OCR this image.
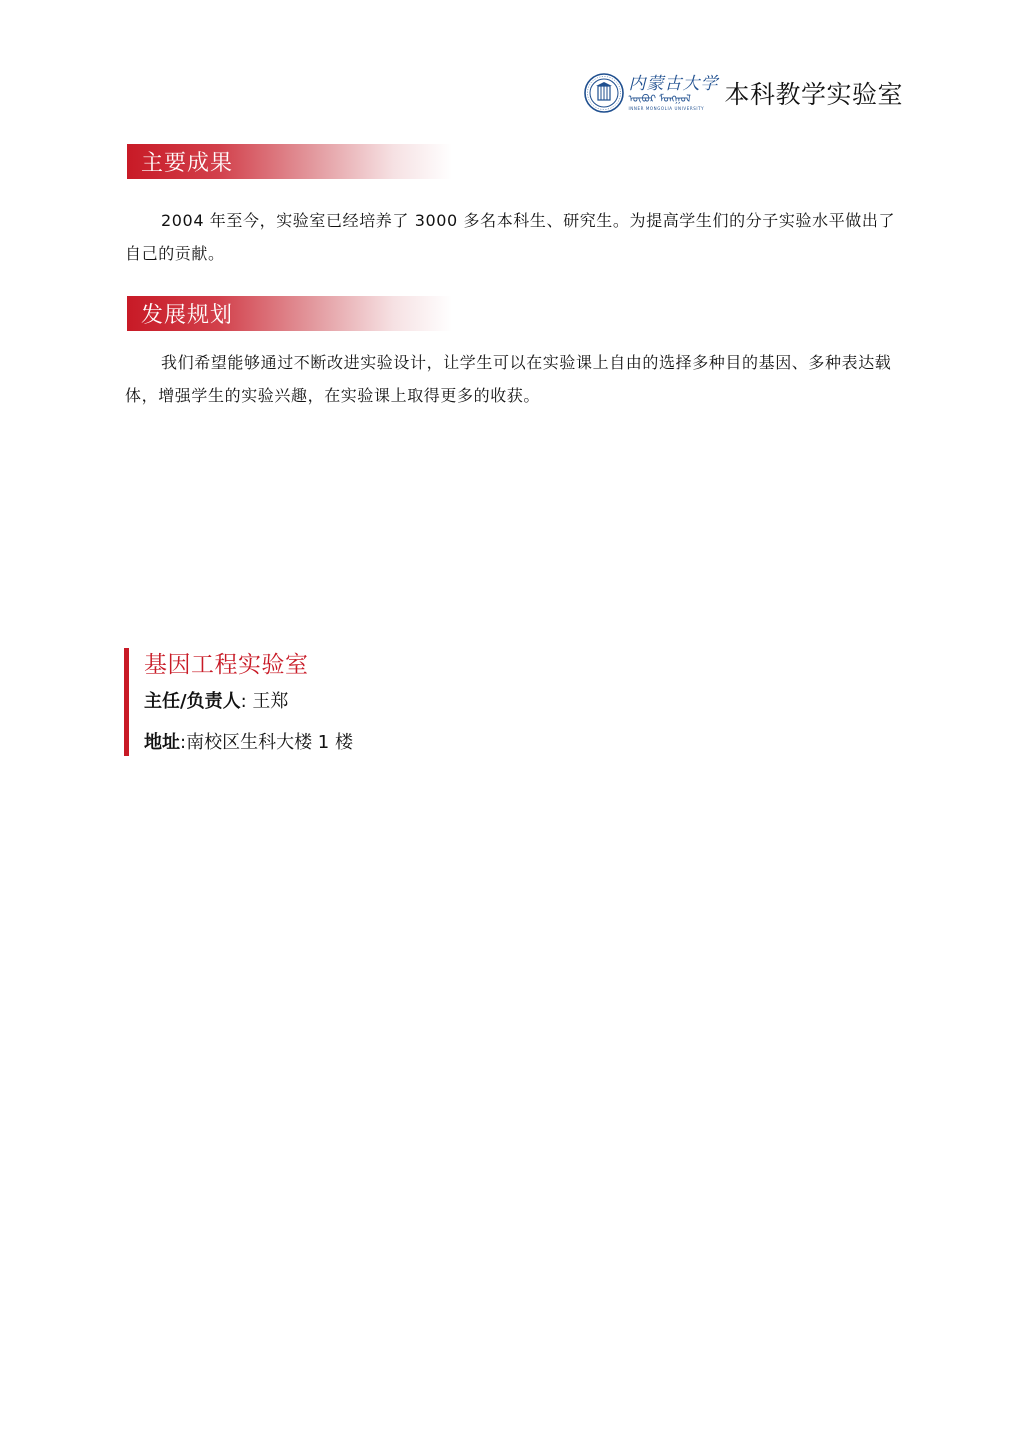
内蒙古大学
ᠦᠪᠦᠷ ᠮᠣᠩᠭᠣᠯ
INNER MONGOLIA UNIVERSITY 本科教学实验室
主要成果

2004 年至今，实验室已经培养了 3000 多名本科生、研究生。为提高学生们的分子实验水平做出了自己的贡献。

发展规划

我们希望能够通过不断改进实验设计，让学生可以在实验课上自由的选择多种目的基因、多种表达载体，增强学生的实验兴趣，在实验课上取得更多的收获。

基因工程实验室

主任/负责人: 王郑

地址:南校区生科大楼 1 楼
